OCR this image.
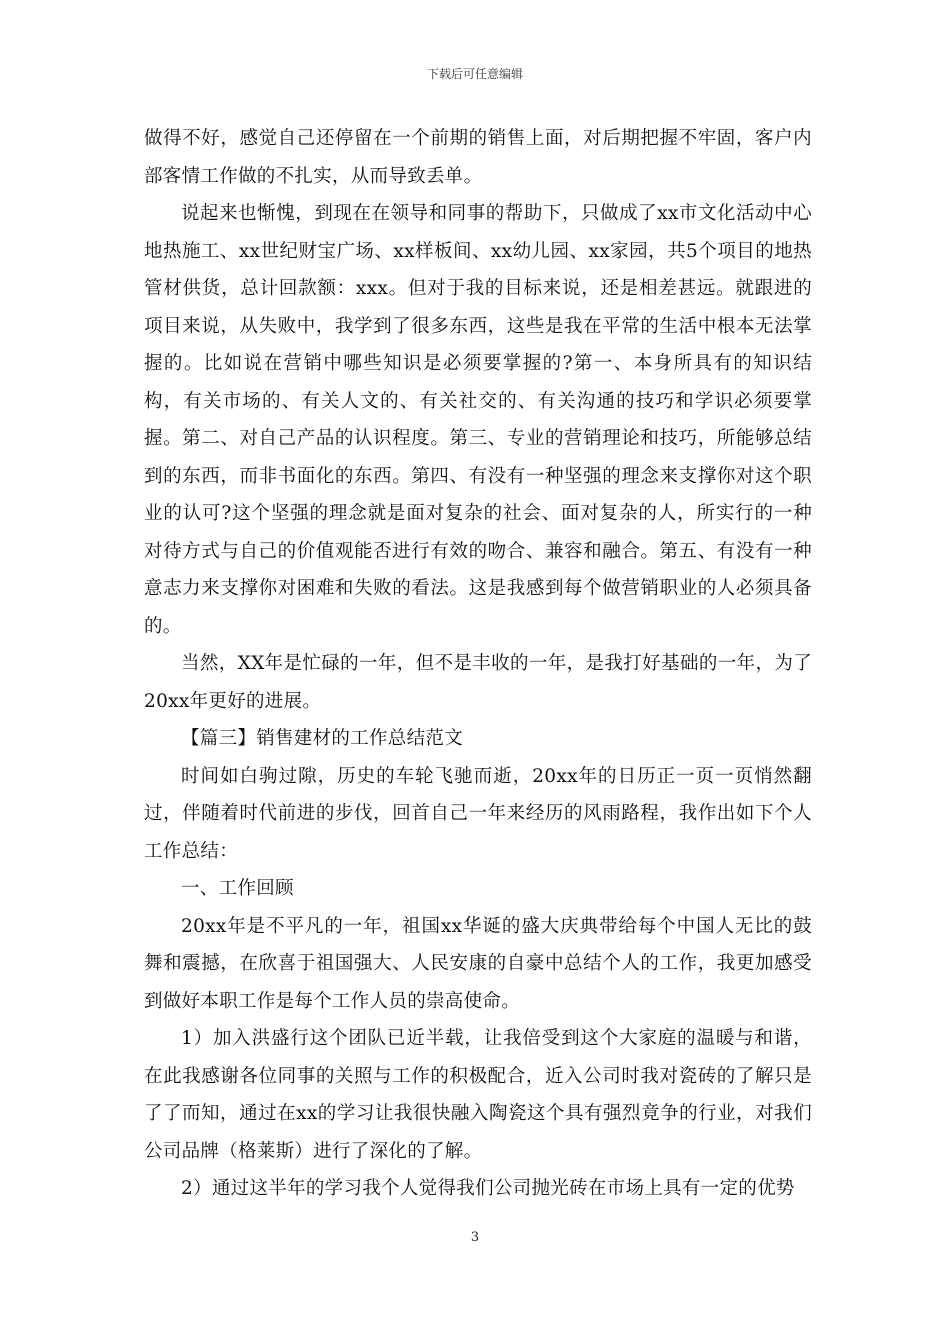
下载后可任意编辑

做得不好，感觉自己还停留在一个前期的销售上面，对后期把握不牢固，客户内部客情工作做的不扎实，从而导致丢单。

说起来也惭愧，到现在在领导和同事的帮助下，只做成了xx市文化活动中心地热施工、xx世纪财宝广场、xx样板间、xx幼儿园、xx家园，共5个项目的地热管材供货，总计回款额：xxx。但对于我的目标来说，还是相差甚远。就跟进的项目来说，从失败中，我学到了很多东西，这些是我在平常的生活中根本无法掌握的。比如说在营销中哪些知识是必须要掌握的?第一、本身所具有的知识结构，有关市场的、有关人文的、有关社交的、有关沟通的技巧和学识必须要掌握。第二、对自己产品的认识程度。第三、专业的营销理论和技巧，所能够总结到的东西，而非书面化的东西。第四、有没有一种坚强的理念来支撑你对这个职业的认可?这个坚强的理念就是面对复杂的社会、面对复杂的人，所实行的一种对待方式与自己的价值观能否进行有效的吻合、兼容和融合。第五、有没有一种意志力来支撑你对困难和失败的看法。这是我感到每个做营销职业的人必须具备的。

当然，XX年是忙碌的一年，但不是丰收的一年，是我打好基础的一年，为了20xx年更好的进展。

【篇三】销售建材的工作总结范文

时间如白驹过隙，历史的车轮飞驰而逝，20xx年的日历正一页一页悄然翻过，伴随着时代前进的步伐，回首自己一年来经历的风雨路程，我作出如下个人工作总结：

一、工作回顾

20xx年是不平凡的一年，祖国xx华诞的盛大庆典带给每个中国人无比的鼓舞和震撼，在欣喜于祖国强大、人民安康的自豪中总结个人的工作，我更加感受到做好本职工作是每个工作人员的崇高使命。

1）加入洪盛行这个团队已近半载，让我倍受到这个大家庭的温暖与和谐，在此我感谢各位同事的关照与工作的积极配合，近入公司时我对瓷砖的了解只是了了而知，通过在xx的学习让我很快融入陶瓷这个具有强烈竟争的行业，对我们公司品牌（格莱斯）进行了深化的了解。

2）通过这半年的学习我个人觉得我们公司抛光砖在市场上具有一定的优势

3
